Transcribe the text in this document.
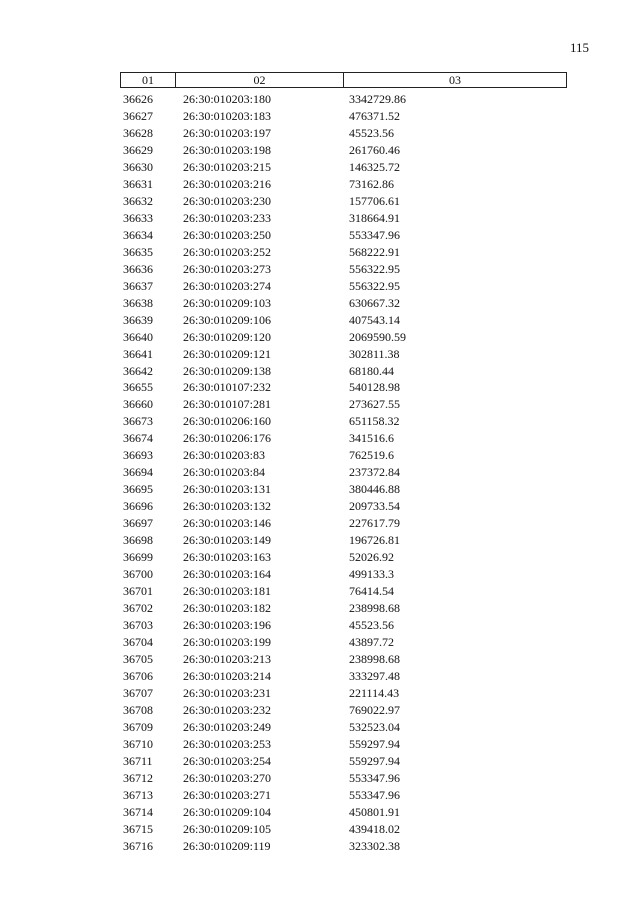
115
01	02	03
36626	26:30:010203:180	3342729.86
36627	26:30:010203:183	476371.52
36628	26:30:010203:197	45523.56
36629	26:30:010203:198	261760.46
36630	26:30:010203:215	146325.72
36631	26:30:010203:216	73162.86
36632	26:30:010203:230	157706.61
36633	26:30:010203:233	318664.91
36634	26:30:010203:250	553347.96
36635	26:30:010203:252	568222.91
36636	26:30:010203:273	556322.95
36637	26:30:010203:274	556322.95
36638	26:30:010209:103	630667.32
36639	26:30:010209:106	407543.14
36640	26:30:010209:120	2069590.59
36641	26:30:010209:121	302811.38
36642	26:30:010209:138	68180.44
36655	26:30:010107:232	540128.98
36660	26:30:010107:281	273627.55
36673	26:30:010206:160	651158.32
36674	26:30:010206:176	341516.6
36693	26:30:010203:83	762519.6
36694	26:30:010203:84	237372.84
36695	26:30:010203:131	380446.88
36696	26:30:010203:132	209733.54
36697	26:30:010203:146	227617.79
36698	26:30:010203:149	196726.81
36699	26:30:010203:163	52026.92
36700	26:30:010203:164	499133.3
36701	26:30:010203:181	76414.54
36702	26:30:010203:182	238998.68
36703	26:30:010203:196	45523.56
36704	26:30:010203:199	43897.72
36705	26:30:010203:213	238998.68
36706	26:30:010203:214	333297.48
36707	26:30:010203:231	221114.43
36708	26:30:010203:232	769022.97
36709	26:30:010203:249	532523.04
36710	26:30:010203:253	559297.94
36711	26:30:010203:254	559297.94
36712	26:30:010203:270	553347.96
36713	26:30:010203:271	553347.96
36714	26:30:010209:104	450801.91
36715	26:30:010209:105	439418.02
36716	26:30:010209:119	323302.38
